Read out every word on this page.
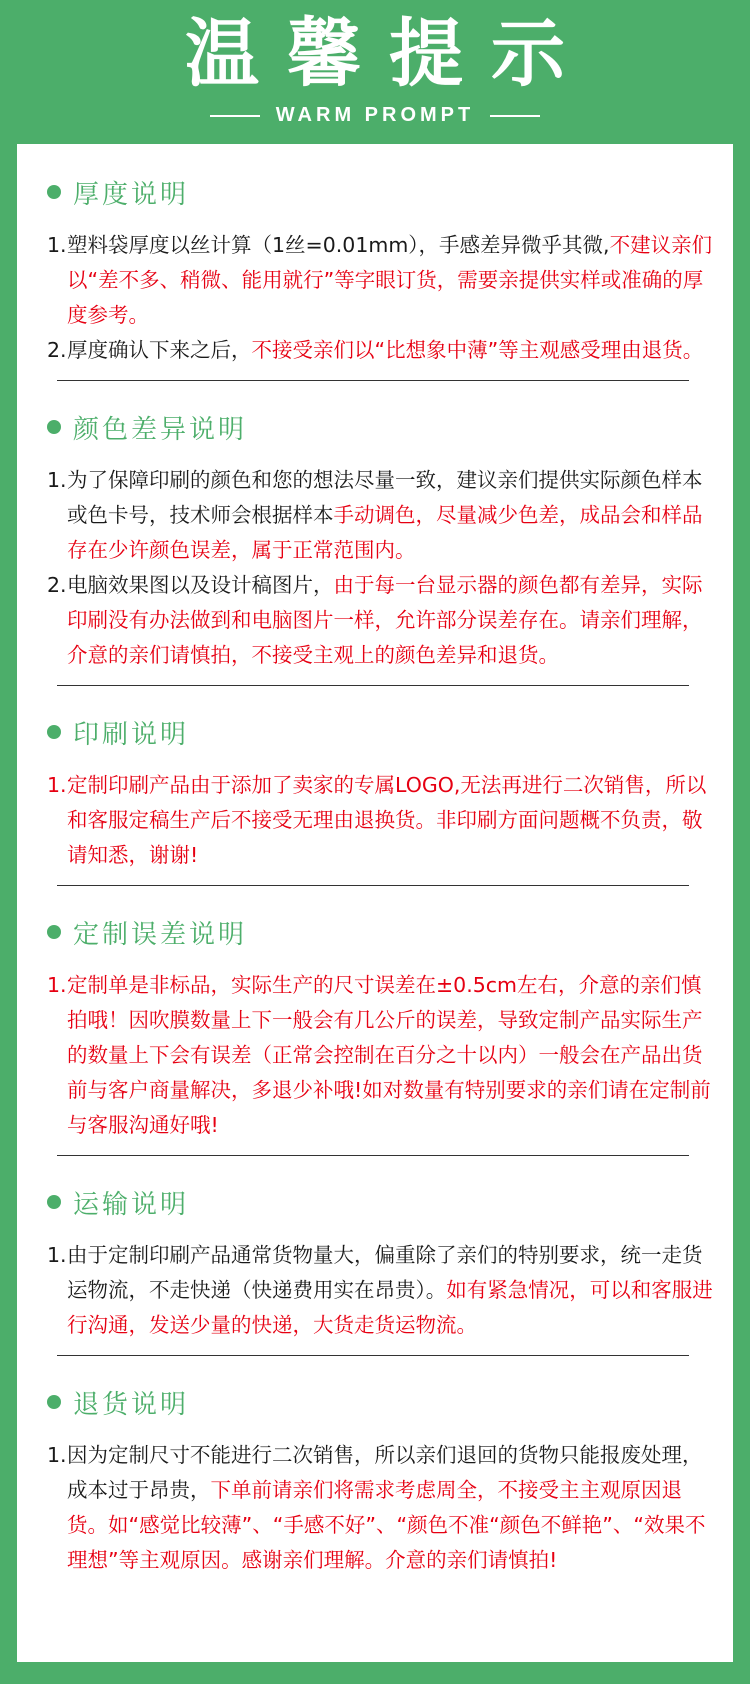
温馨提示
WARM PROMPT
厚度说明
1. 塑料袋厚度以丝计算（1丝=0.01mm），手感差异微乎其微,不建议亲们以“差不多、稍微、能用就行”等字眼订货，需要亲提供实样或准确的厚度参考。
2. 厚度确认下来之后，不接受亲们以“比想象中薄”等主观感受理由退货。
颜色差异说明
1. 为了保障印刷的颜色和您的想法尽量一致，建议亲们提供实际颜色样本或色卡号，技术师会根据样本手动调色，尽量减少色差，成品会和样品存在少许颜色误差，属于正常范围内。
2. 电脑效果图以及设计稿图片，由于每一台显示器的颜色都有差异，实际印刷没有办法做到和电脑图片一样，允许部分误差存在。请亲们理解，介意的亲们请慎拍，不接受主观上的颜色差异和退货。
印刷说明
1. 定制印刷产品由于添加了卖家的专属LOGO,无法再进行二次销售，所以和客服定稿生产后不接受无理由退换货。非印刷方面问题概不负责，敬请知悉，谢谢!
定制误差说明
1. 定制单是非标品，实际生产的尺寸误差在±0.5cm左右，介意的亲们慎拍哦！因吹膜数量上下一般会有几公斤的误差，导致定制产品实际生产的数量上下会有误差（正常会控制在百分之十以内）一般会在产品出货前与客户商量解决，多退少补哦!如对数量有特别要求的亲们请在定制前与客服沟通好哦!
运输说明
1. 由于定制印刷产品通常货物量大，偏重除了亲们的特别要求，统一走货运物流，不走快递（快递费用实在昂贵）。如有紧急情况，可以和客服进行沟通，发送少量的快递，大货走货运物流。
退货说明
1. 因为定制尺寸不能进行二次销售，所以亲们退回的货物只能报废处理，成本过于昂贵，下单前请亲们将需求考虑周全，不接受主主观原因退货。如“感觉比较薄”、“手感不好”、“颜色不准“颜色不鲜艳”、“效果不理想”等主观原因。感谢亲们理解。介意的亲们请慎拍!
